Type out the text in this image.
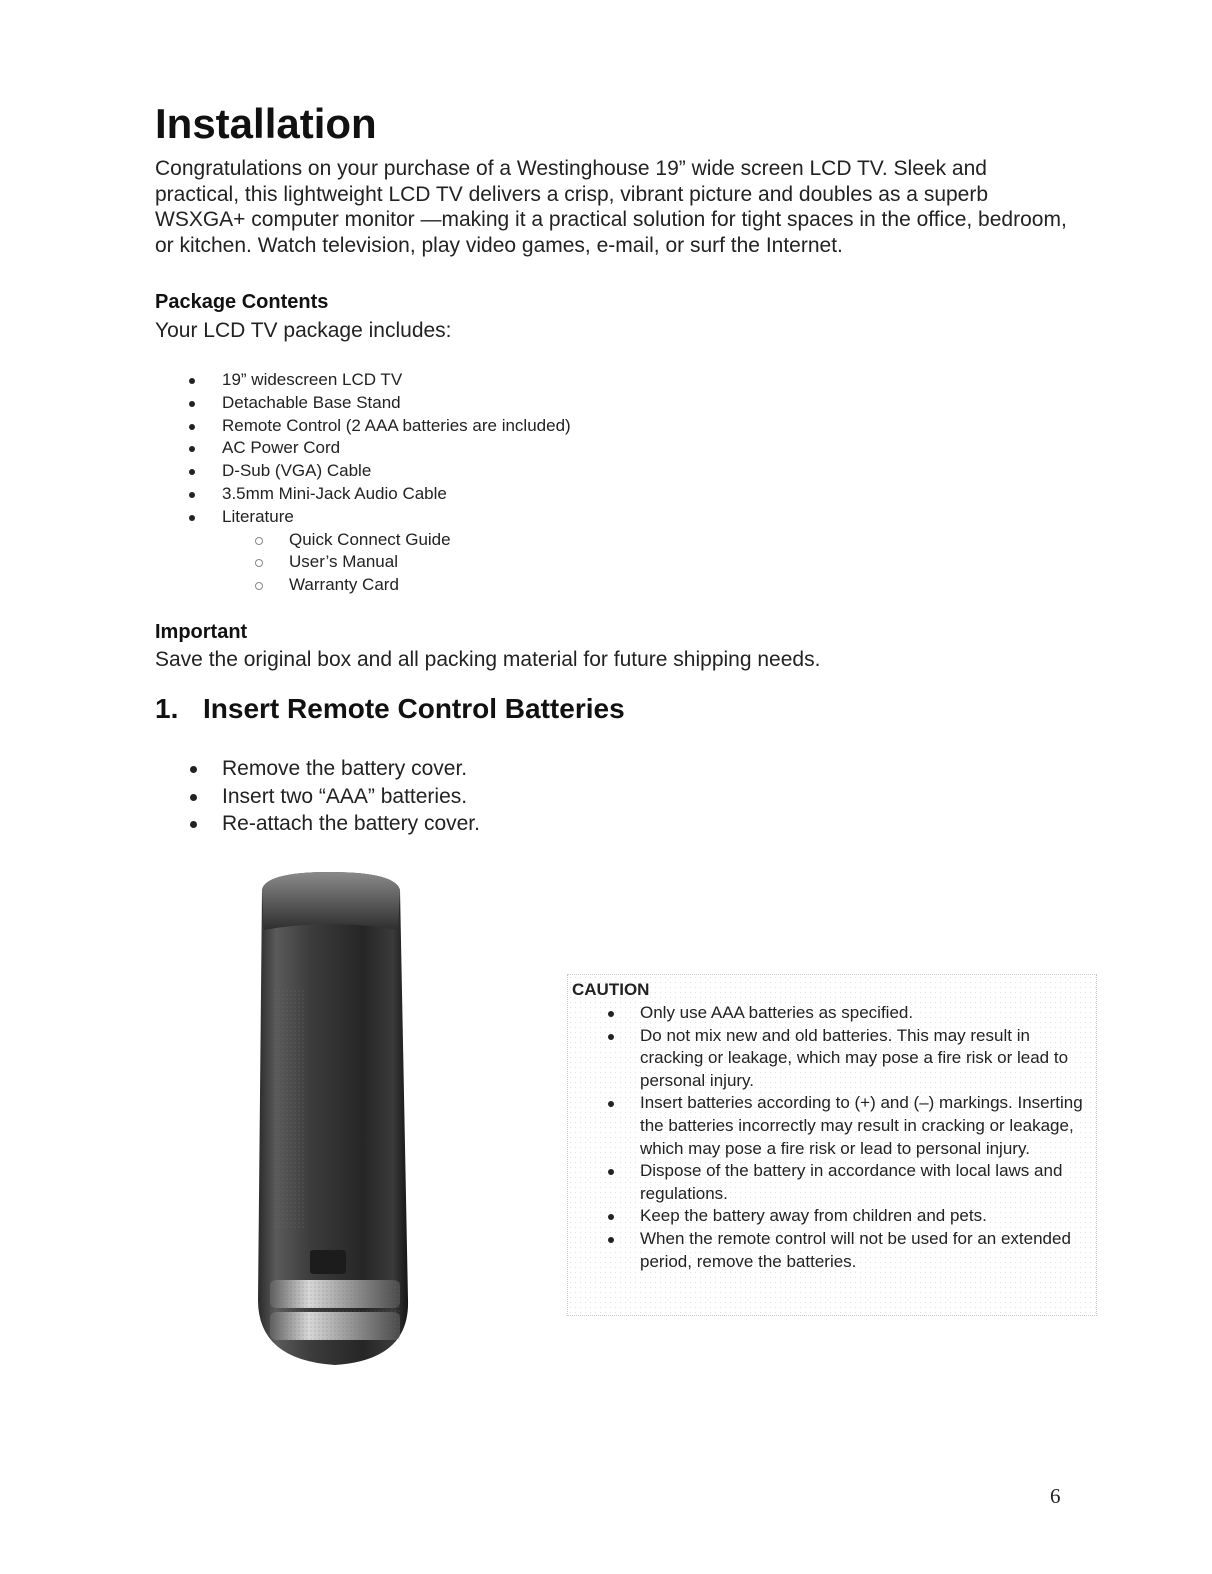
Installation

Congratulations on your purchase of a Westinghouse 19” wide screen LCD TV. Sleek and practical, this lightweight LCD TV delivers a crisp, vibrant picture and doubles as a superb WSXGA+ computer monitor —making it a practical solution for tight spaces in the office, bedroom, or kitchen. Watch television, play video games, e-mail, or surf the Internet.

Package Contents

Your LCD TV package includes:

19” widescreen LCD TV
Detachable Base Stand
Remote Control (2 AAA batteries are included)
AC Power Cord
D-Sub (VGA) Cable
3.5mm Mini-Jack Audio Cable
Literature
Quick Connect Guide
User’s Manual
Warranty Card
Important

Save the original box and all packing material for future shipping needs.

1. Insert Remote Control Batteries
Remove the battery cover.
Insert two “AAA” batteries.
Re-attach the battery cover.
CAUTION
Only use AAA batteries as specified.
Do not mix new and old batteries. This may result in cracking or leakage, which may pose a fire risk or lead to personal injury.
Insert batteries according to (+) and (–) markings. Inserting the batteries incorrectly may result in cracking or leakage, which may pose a fire risk or lead to personal injury.
Dispose of the battery in accordance with local laws and regulations.
Keep the battery away from children and pets.
When the remote control will not be used for an extended period, remove the batteries.
6
